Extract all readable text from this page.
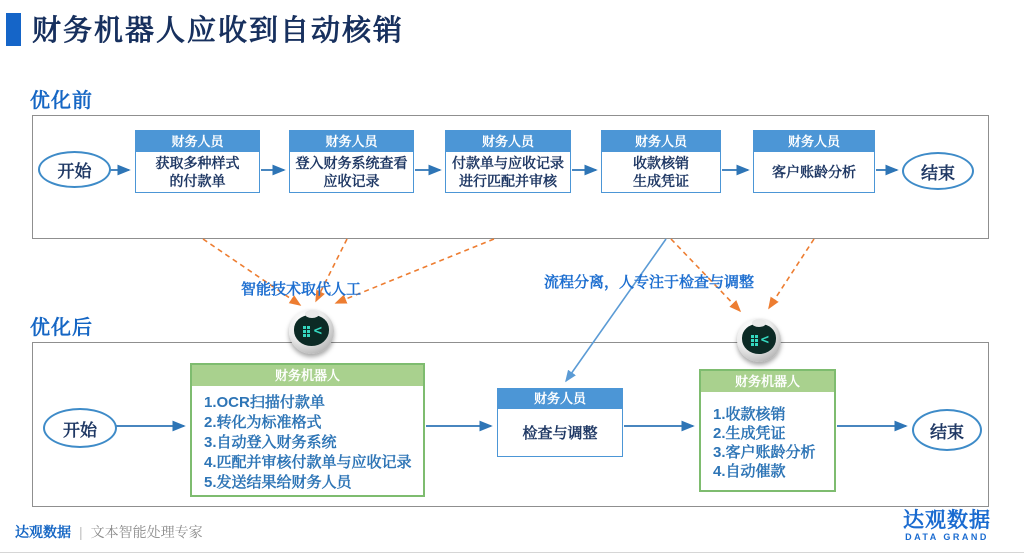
财务机器人应收到自动核销
优化前
优化后
开始
财务人员
获取多种样式
的付款单
财务人员
登入财务系统查看
应收记录
财务人员
付款单与应收记录
进行匹配并审核
财务人员
收款核销
生成凭证
财务人员
客户账龄分析	结束
智能技术取代人工	流程分离，人专注于检查与调整
<
<
开始
财务机器人
1.OCR扫描付款单
2.转化为标准格式
3.自动登入财务系统
4.匹配并审核付款单与应收记录
5.发送结果给财务人员
财务人员
检查与调整
财务机器人
1.收款核销
2.生成凭证
3.客户账龄分析
4.自动催款
结束
达观数据 | 文本智能处理专家	达观数据
DATA GRAND
